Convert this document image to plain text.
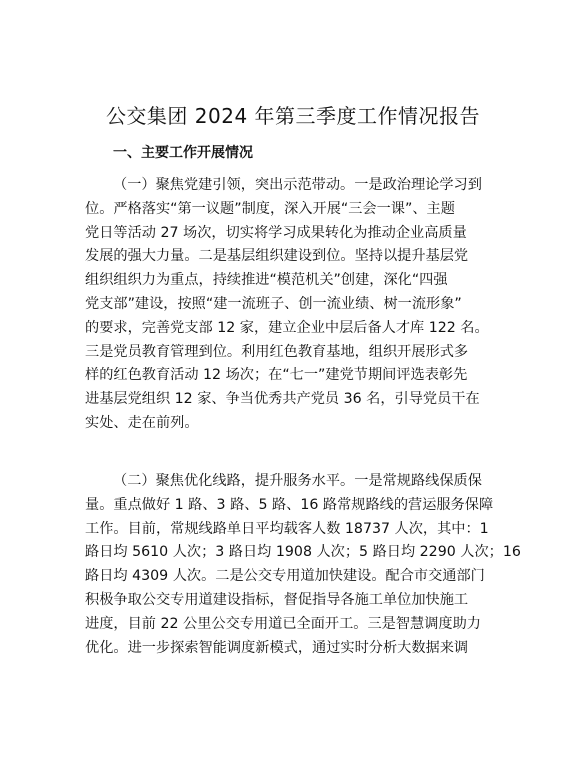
公交集团 2024 年第三季度工作情况报告
一、主要工作开展情况

（一）聚焦党建引领，突出示范带动。一是政治理论学习到
位。严格落实“第一议题”制度，深入开展“三会一课”、主题
党日等活动 27 场次，切实将学习成果转化为推动企业高质量
发展的强大力量。二是基层组织建设到位。坚持以提升基层党
组织组织力为重点，持续推进“模范机关”创建，深化“四强
党支部”建设，按照“建一流班子、创一流业绩、树一流形象”
的要求，完善党支部 12 家，建立企业中层后备人才库 122 名。
三是党员教育管理到位。利用红色教育基地，组织开展形式多
样的红色教育活动 12 场次；在“七一”建党节期间评选表彰先
进基层党组织 12 家、争当优秀共产党员 36 名，引导党员干在
实处、走在前列。

（二）聚焦优化线路，提升服务水平。一是常规路线保质保
量。重点做好 1 路、3 路、5 路、16 路常规路线的营运服务保障
工作。目前，常规线路单日平均载客人数 18737 人次，其中：1
路日均 5610 人次；3 路日均 1908 人次；5 路日均 2290 人次；16
路日均 4309 人次。二是公交专用道加快建设。配合市交通部门
积极争取公交专用道建设指标，督促指导各施工单位加快施工
进度，目前 22 公里公交专用道已全面开工。三是智慧调度助力
优化。进一步探索智能调度新模式，通过实时分析大数据来调
